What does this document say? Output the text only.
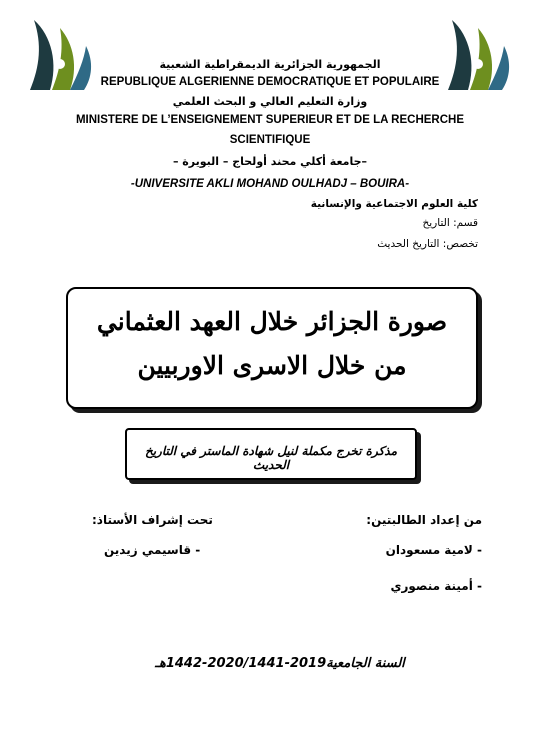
الجمهورية الجزائرية الديمقراطية الشعبية
REPUBLIQUE ALGERIENNE DEMOCRATIQUE ET POPULAIRE
وزارة التعليم العالي و البحث العلمي
MINISTERE DE L’ENSEIGNEMENT SUPERIEUR ET DE LA RECHERCHE
SCIENTIFIQUE
–جامعة أكلي محند أولحاج – البويرة –
-UNIVERSITE AKLI MOHAND OULHADJ – BOUIRA-
كلية العلوم الاجتماعية والإنسانية
قسم: التاريخ
تخصص: التاريخ الحديث
صورة الجزائر خلال العهد العثماني
من خلال الاسرى الاوربيين
مذكرة تخرج مكملة لنيل شهادة الماستر في التاريخ الحديث
من إعداد الطالبتين:
- لامية مسعودان
- أمينة منصوري
تحت إشراف الأستاذ:
- قاسيمي زيدين
السنة الجامعية2019-2020/1441-1442هـ
